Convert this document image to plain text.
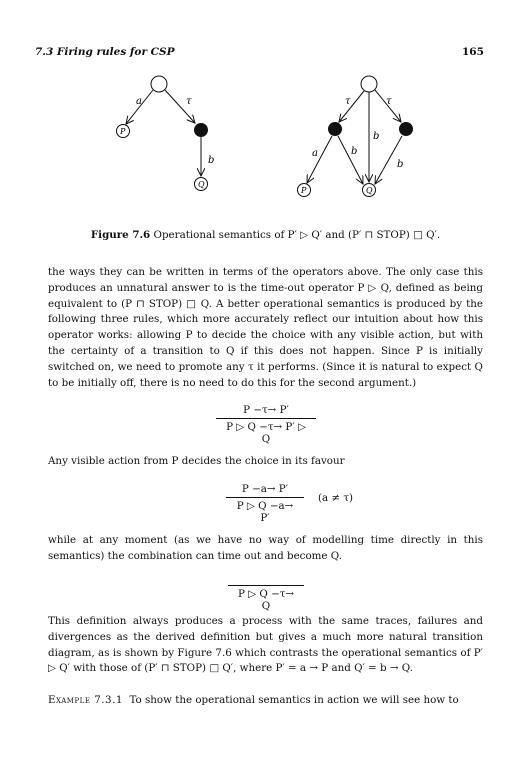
7.3 Firing rules for CSP	165
a	τ
b
P
Q
τ	τ
a	b
b
b
P	Q
Figure 7.6 Operational semantics of P′ ▷ Q′ and (P′ ⊓ STOP) □ Q′.

the ways they can be written in terms of the operators above. The only case this produces an unnatural answer to is the time-out operator P ▷ Q, defined as being equivalent to (P ⊓ STOP) □ Q. A better operational semantics is produced by the following three rules, which more accurately reflect our intuition about how this operator works: allowing P to decide the choice with any visible action, but with the certainty of a transition to Q if this does not happen. Since P is initially switched on, we need to promote any τ it performs. (Since it is natural to expect Q to be initially off, there is no need to do this for the second argument.)

P −τ→ P′
P ▷ Q −τ→ P′ ▷ Q

Any visible action from P decides the choice in its favour

P −a→ P′
P ▷ Q −a→ P′
(a ≠ τ)

while at any moment (as we have no way of modelling time directly in this semantics) the combination can time out and become Q.

P ▷ Q −τ→ Q

This definition always produces a process with the same traces, failures and divergences as the derived definition but gives a much more natural transition diagram, as is shown by Figure 7.6 which contrasts the operational semantics of P′ ▷ Q′ with those of (P′ ⊓ STOP) □ Q′, where P′ = a → P and Q′ = b → Q.

Example 7.3.1 To show the operational semantics in action we will see how to
